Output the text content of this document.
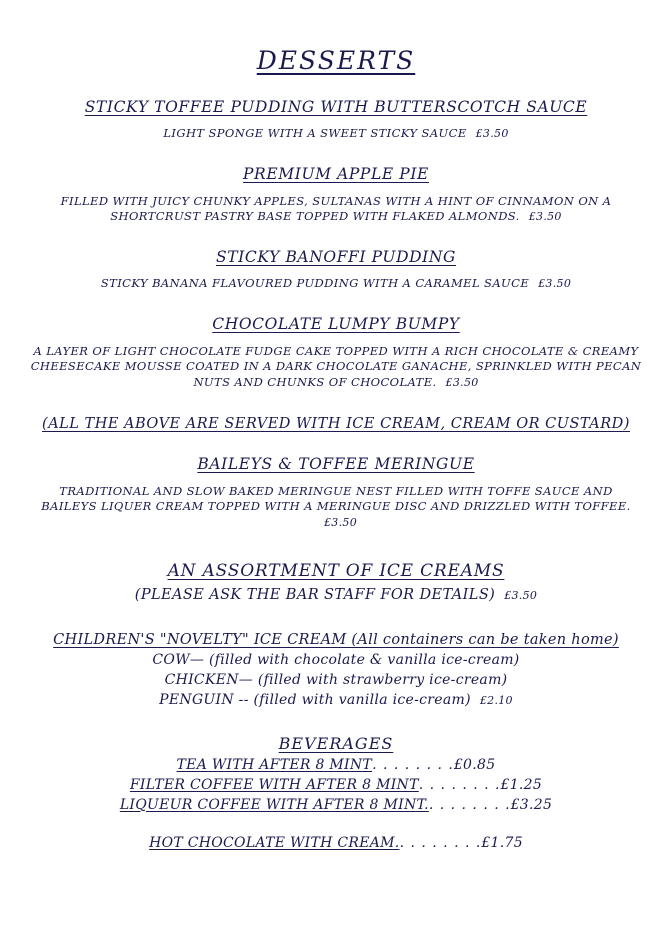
DESSERTS
STICKY TOFFEE PUDDING WITH BUTTERSCOTCH SAUCE
LIGHT SPONGE WITH A SWEET STICKY SAUCE £3.50
PREMIUM APPLE PIE
FILLED WITH JUICY CHUNKY APPLES, SULTANAS WITH A HINT OF CINNAMON ON A SHORTCRUST PASTRY BASE TOPPED WITH FLAKED ALMONDS. £3.50
STICKY BANOFFI PUDDING
STICKY BANANA FLAVOURED PUDDING WITH A CARAMEL SAUCE £3.50
CHOCOLATE LUMPY BUMPY
A LAYER OF LIGHT CHOCOLATE FUDGE CAKE TOPPED WITH A RICH CHOCOLATE & CREAMY CHEESECAKE MOUSSE COATED IN A DARK CHOCOLATE GANACHE, SPRINKLED WITH PECAN NUTS AND CHUNKS OF CHOCOLATE. £3.50
(ALL THE ABOVE ARE SERVED WITH ICE CREAM, CREAM OR CUSTARD)
BAILEYS & TOFFEE MERINGUE
TRADITIONAL AND SLOW BAKED MERINGUE NEST FILLED WITH TOFFE SAUCE AND BAILEYS LIQUER CREAM TOPPED WITH A MERINGUE DISC AND DRIZZLED WITH TOFFEE.£3.50
AN ASSORTMENT OF ICE CREAMS
(PLEASE ASK THE BAR STAFF FOR DETAILS) £3.50
CHILDREN'S "NOVELTY" ICE CREAM (All containers can be taken home)
COW— (filled with chocolate & vanilla ice-cream)
CHICKEN— (filled with strawberry ice-cream)
PENGUIN -- (filled with vanilla ice-cream) £2.10
BEVERAGES
TEA WITH AFTER 8 MINT. . . . . . . .£0.85
FILTER COFFEE WITH AFTER 8 MINT. . . . . . . .£1.25
LIQUEUR COFFEE WITH AFTER 8 MINT.. . . . . . . .£3.25
HOT CHOCOLATE WITH CREAM.. . . . . . . .£1.75
